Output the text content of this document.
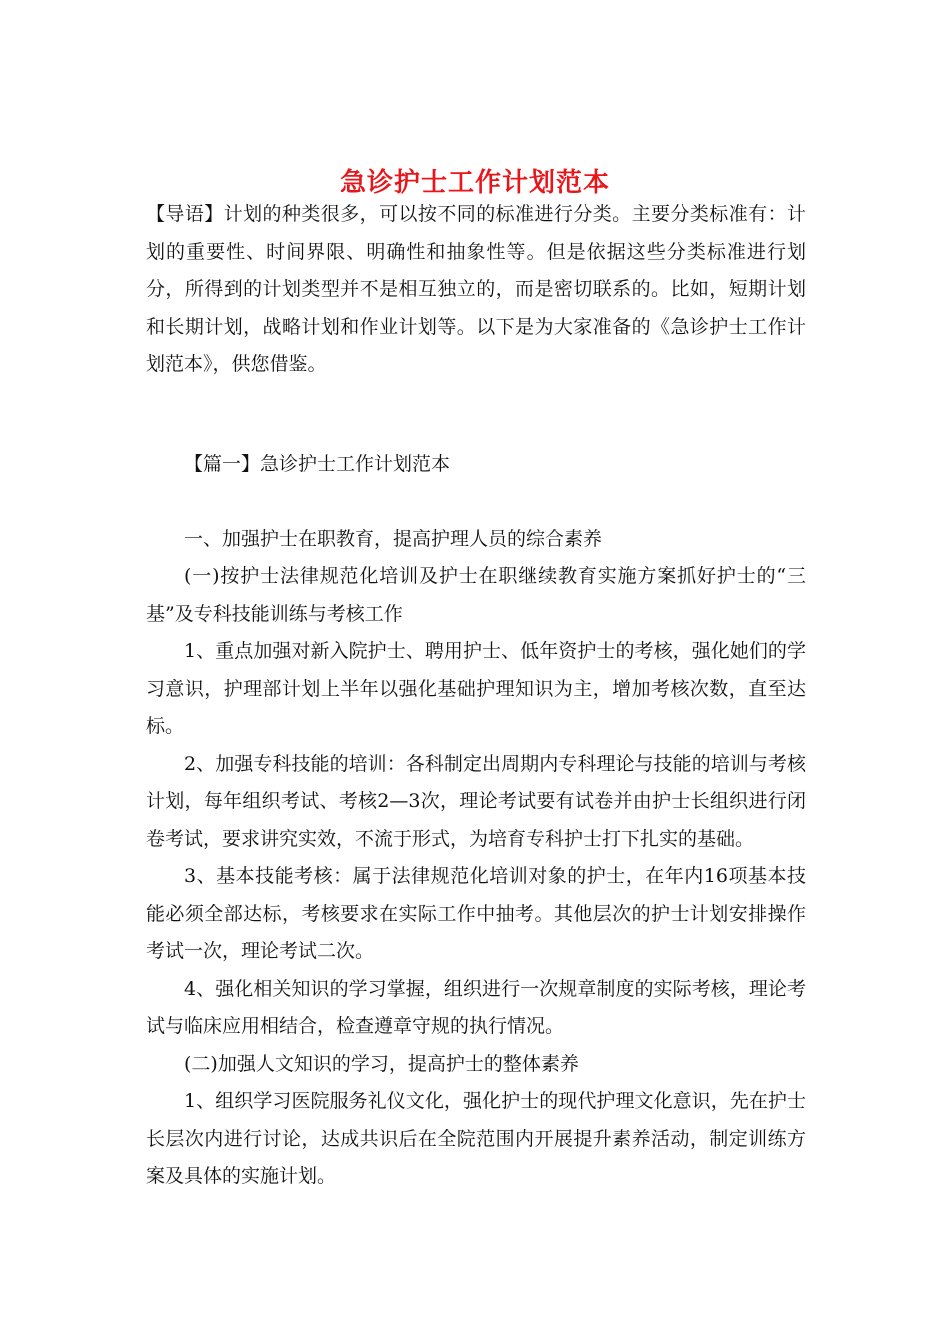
急诊护士工作计划范本

【导语】计划的种类很多，可以按不同的标准进行分类。主要分类标准有：计划的重要性、时间界限、明确性和抽象性等。但是依据这些分类标准进行划分，所得到的计划类型并不是相互独立的，而是密切联系的。比如，短期计划和长期计划，战略计划和作业计划等。以下是为大家准备的《急诊护士工作计划范本》，供您借鉴。

【篇一】急诊护士工作计划范本

一、加强护士在职教育，提高护理人员的综合素养

(一)按护士法律规范化培训及护士在职继续教育实施方案抓好护士的“三基”及专科技能训练与考核工作

1、重点加强对新入院护士、聘用护士、低年资护士的考核，强化她们的学习意识，护理部计划上半年以强化基础护理知识为主，增加考核次数，直至达标。

2、加强专科技能的培训：各科制定出周期内专科理论与技能的培训与考核计划，每年组织考试、考核2—3次，理论考试要有试卷并由护士长组织进行闭卷考试，要求讲究实效，不流于形式，为培育专科护士打下扎实的基础。

3、基本技能考核：属于法律规范化培训对象的护士，在年内16项基本技能必须全部达标，考核要求在实际工作中抽考。其他层次的护士计划安排操作考试一次，理论考试二次。

4、强化相关知识的学习掌握，组织进行一次规章制度的实际考核，理论考试与临床应用相结合，检查遵章守规的执行情况。

(二)加强人文知识的学习，提高护士的整体素养

1、组织学习医院服务礼仪文化，强化护士的现代护理文化意识，先在护士长层次内进行讨论，达成共识后在全院范围内开展提升素养活动，制定训练方案及具体的实施计划。
